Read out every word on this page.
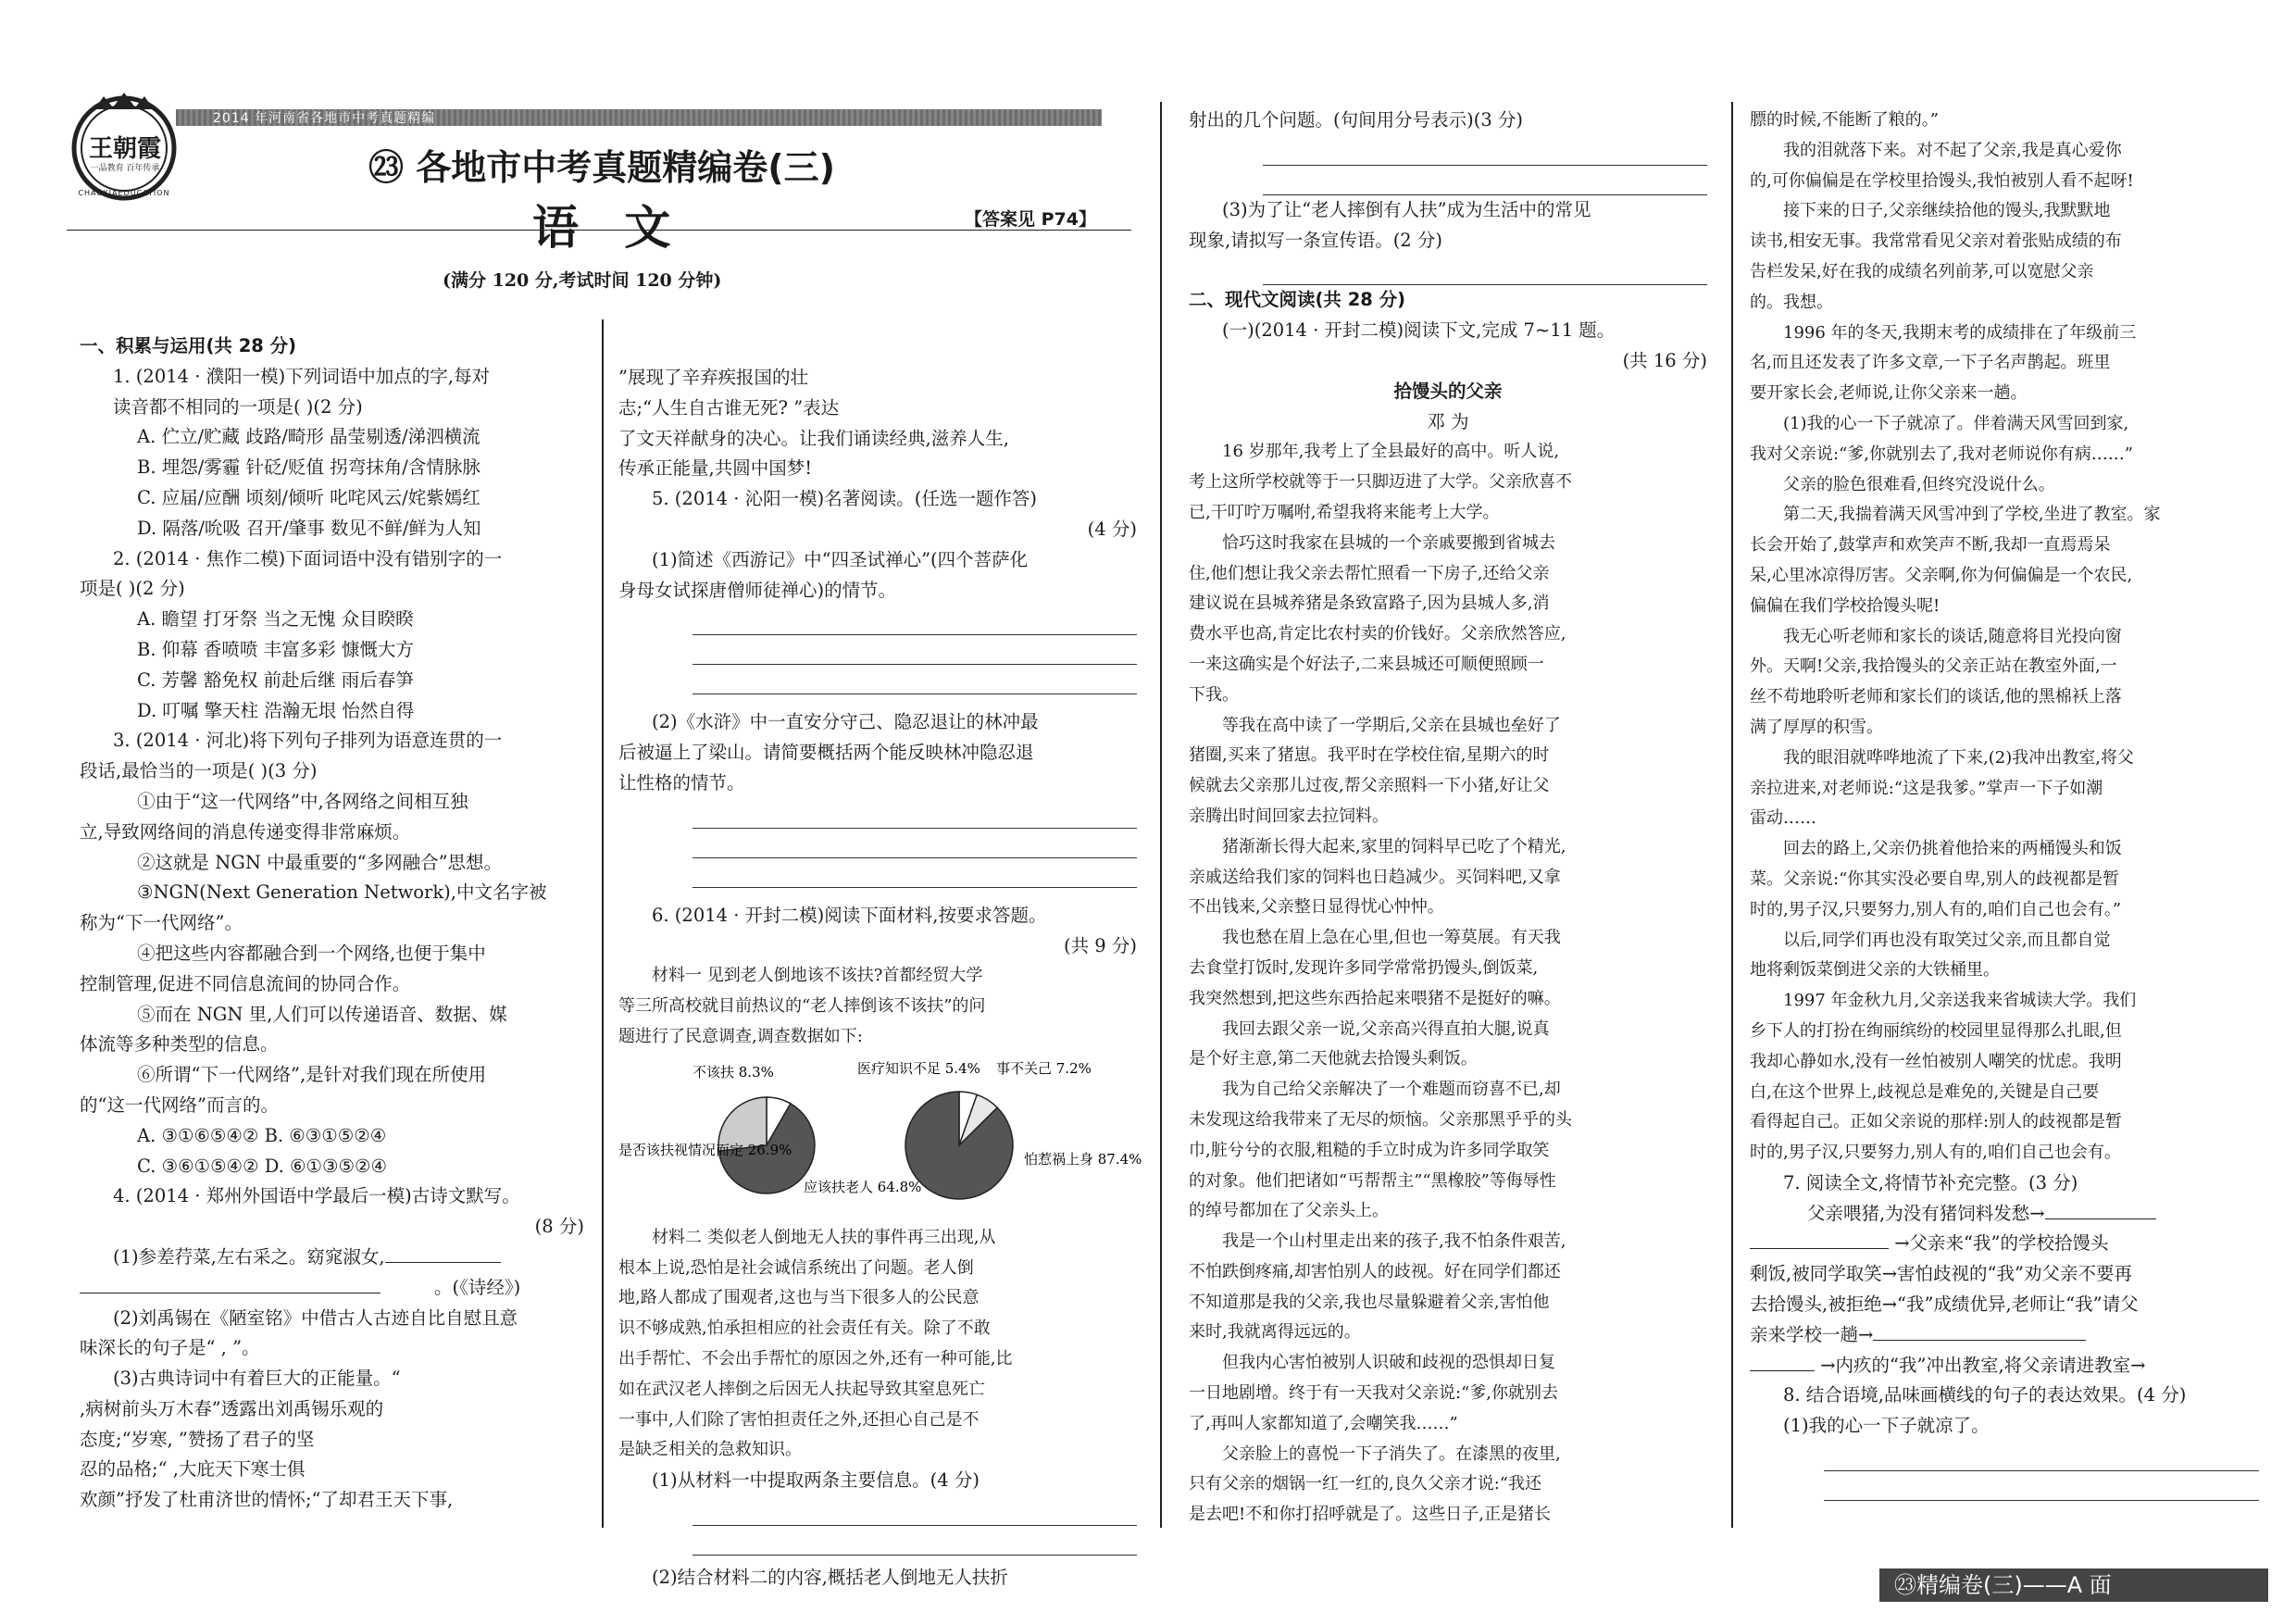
王朝霞
一品教育 百年传承
CHAOXIAEDUCATION
2014 年河南省各地市中考真题精编
㉓ 各地市中考真题精编卷(三)
语 文	【答案见 P74】
(满分 120 分,考试时间 120 分钟)

一、积累与运用(共 28 分)

1. (2014 · 濮阳一模)下列词语中加点的字,每对

读音都不相同的一项是( )(2 分)

A. 伫立/贮藏 歧路/畸形 晶莹剔透/涕泗横流

B. 埋怨/雾霾 针砭/贬值 拐弯抹角/含情脉脉

C. 应届/应酬 顷刻/倾听 叱咤风云/姹紫嫣红

D. 隔落/吮吸 召开/肇事 数见不鲜/鲜为人知

2. (2014 · 焦作二模)下面词语中没有错别字的一

项是( )(2 分)

A. 瞻望 打牙祭 当之无愧 众目睽睽

B. 仰幕 香喷喷 丰富多彩 慷慨大方

C. 芳馨 豁免权 前赴后继 雨后春笋

D. 叮嘱 擎天柱 浩瀚无垠 怡然自得

3. (2014 · 河北)将下列句子排列为语意连贯的一

段话,最恰当的一项是( )(3 分)

①由于“这一代网络”中,各网络之间相互独

立,导致网络间的消息传递变得非常麻烦。

②这就是 NGN 中最重要的“多网融合”思想。

③NGN(Next Generation Network),中文名字被

称为“下一代网络”。

④把这些内容都融合到一个网络,也便于集中

控制管理,促进不同信息流间的协同合作。

⑤而在 NGN 里,人们可以传递语音、数据、媒

体流等多种类型的信息。

⑥所谓“下一代网络”,是针对我们现在所使用

的“这一代网络”而言的。

A. ③①⑥⑤④② B. ⑥③①⑤②④

C. ③⑥①⑤④② D. ⑥①③⑤②④

4. (2014 · 郑州外国语中学最后一模)古诗文默写。

(8 分)

(1)参差荇菜,左右采之。窈窕淑女,

。(《诗经》)

(2)刘禹锡在《陋室铭》中借古人古迹自比自慰且意

味深长的句子是“ , ”。

(3)古典诗词中有着巨大的正能量。“

,病树前头万木春”透露出刘禹锡乐观的

态度;“岁寒, ”赞扬了君子的坚

忍的品格;“ ,大庇天下寒士俱

欢颜”抒发了杜甫济世的情怀;“了却君王天下事,

”展现了辛弃疾报国的壮

志;“人生自古谁无死? ”表达

了文天祥献身的决心。让我们诵读经典,滋养人生,

传承正能量,共圆中国梦!

5. (2014 · 沁阳一模)名著阅读。(任选一题作答)

(4 分)

(1)简述《西游记》中“四圣试禅心”(四个菩萨化

身母女试探唐僧师徒禅心)的情节。

(2)《水浒》中一直安分守己、隐忍退让的林冲最

后被逼上了梁山。请简要概括两个能反映林冲隐忍退

让性格的情节。

6. (2014 · 开封二模)阅读下面材料,按要求答题。

(共 9 分)

材料一 见到老人倒地该不该扶?首都经贸大学

等三所高校就目前热议的“老人摔倒该不该扶”的问

题进行了民意调查,调查数据如下:

不该扶 8.3%
应该扶老人 64.8%
是否该扶视情况而定 26.9%
医疗知识不足 5.4% 事不关己 7.2%
怕惹祸上身 87.4%

材料二 类似老人倒地无人扶的事件再三出现,从

根本上说,恐怕是社会诚信系统出了问题。老人倒

地,路人都成了围观者,这也与当下很多人的公民意

识不够成熟,怕承担相应的社会责任有关。除了不敢

出手帮忙、不会出手帮忙的原因之外,还有一种可能,比

如在武汉老人摔倒之后因无人扶起导致其窒息死亡

一事中,人们除了害怕担责任之外,还担心自己是不

是缺乏相关的急救知识。

(1)从材料一中提取两条主要信息。(4 分)

(2)结合材料二的内容,概括老人倒地无人扶折

射出的几个问题。(句间用分号表示)(3 分)

(3)为了让“老人摔倒有人扶”成为生活中的常见

现象,请拟写一条宣传语。(2 分)

二、现代文阅读(共 28 分)

(一)(2014 · 开封二模)阅读下文,完成 7~11 题。

(共 16 分)

拾馒头的父亲

邓 为

16 岁那年,我考上了全县最好的高中。听人说,

考上这所学校就等于一只脚迈进了大学。父亲欣喜不

已,干叮咛万嘱咐,希望我将来能考上大学。

恰巧这时我家在县城的一个亲戚要搬到省城去

住,他们想让我父亲去帮忙照看一下房子,还给父亲

建议说在县城养猪是条致富路子,因为县城人多,消

费水平也高,肯定比农村卖的价钱好。父亲欣然答应,

一来这确实是个好法子,二来县城还可顺便照顾一

下我。

等我在高中读了一学期后,父亲在县城也垒好了

猪圈,买来了猪崽。我平时在学校住宿,星期六的时

候就去父亲那儿过夜,帮父亲照料一下小猪,好让父

亲腾出时间回家去拉饲料。

猪渐渐长得大起来,家里的饲料早已吃了个精光,

亲戚送给我们家的饲料也日趋减少。买饲料吧,又拿

不出钱来,父亲整日显得忧心忡忡。

我也愁在眉上急在心里,但也一筹莫展。有天我

去食堂打饭时,发现许多同学常常扔馒头,倒饭菜,

我突然想到,把这些东西拾起来喂猪不是挺好的嘛。

我回去跟父亲一说,父亲高兴得直拍大腿,说真

是个好主意,第二天他就去拾馒头剩饭。

我为自己给父亲解决了一个难题而窃喜不已,却

未发现这给我带来了无尽的烦恼。父亲那黑乎乎的头

巾,脏兮兮的衣服,粗糙的手立时成为许多同学取笑

的对象。他们把诸如“丐帮帮主”“黑橡胶”等侮辱性

的绰号都加在了父亲头上。

我是一个山村里走出来的孩子,我不怕条件艰苦,

不怕跌倒疼痛,却害怕别人的歧视。好在同学们都还

不知道那是我的父亲,我也尽量躲避着父亲,害怕他

来时,我就离得远远的。

但我内心害怕被别人识破和歧视的恐惧却日复

一日地剧增。终于有一天我对父亲说:“爹,你就别去

了,再叫人家都知道了,会嘲笑我……”

父亲脸上的喜悦一下子消失了。在漆黑的夜里,

只有父亲的烟锅一红一红的,良久父亲才说:“我还

是去吧!不和你打招呼就是了。这些日子,正是猪长

膘的时候,不能断了粮的。”

我的泪就落下来。对不起了父亲,我是真心爱你

的,可你偏偏是在学校里拾馒头,我怕被别人看不起呀!

接下来的日子,父亲继续拾他的馒头,我默默地

读书,相安无事。我常常看见父亲对着张贴成绩的布

告栏发呆,好在我的成绩名列前茅,可以宽慰父亲

的。我想。

1996 年的冬天,我期末考的成绩排在了年级前三

名,而且还发表了许多文章,一下子名声鹊起。班里

要开家长会,老师说,让你父亲来一趟。

(1)我的心一下子就凉了。伴着满天风雪回到家,

我对父亲说:“爹,你就别去了,我对老师说你有病……”

父亲的脸色很难看,但终究没说什么。

第二天,我揣着满天风雪冲到了学校,坐进了教室。家

长会开始了,鼓掌声和欢笑声不断,我却一直焉焉呆

呆,心里冰凉得厉害。父亲啊,你为何偏偏是一个农民,

偏偏在我们学校拾馒头呢!

我无心听老师和家长的谈话,随意将目光投向窗

外。天啊!父亲,我拾馒头的父亲正站在教室外面,一

丝不苟地聆听老师和家长们的谈话,他的黑棉袄上落

满了厚厚的积雪。

我的眼泪就哗哗地流了下来,(2)我冲出教室,将父

亲拉进来,对老师说:“这是我爹。”掌声一下子如潮

雷动……

回去的路上,父亲仍挑着他拾来的两桶馒头和饭

菜。父亲说:“你其实没必要自卑,别人的歧视都是暂

时的,男子汉,只要努力,别人有的,咱们自己也会有。”

以后,同学们再也没有取笑过父亲,而且都自觉

地将剩饭菜倒进父亲的大铁桶里。

1997 年金秋九月,父亲送我来省城读大学。我们

乡下人的打扮在绚丽缤纷的校园里显得那么扎眼,但

我却心静如水,没有一丝怕被别人嘲笑的忧虑。我明

白,在这个世界上,歧视总是难免的,关键是自己要

看得起自己。正如父亲说的那样:别人的歧视都是暂

时的,男子汉,只要努力,别人有的,咱们自己也会有。

7. 阅读全文,将情节补充完整。(3 分)

父亲喂猪,为没有猪饲料发愁→

→父亲来“我”的学校拾馒头

剩饭,被同学取笑→害怕歧视的“我”劝父亲不要再

去拾馒头,被拒绝→“我”成绩优异,老师让“我”请父

亲来学校一趟→

→内疚的“我”冲出教室,将父亲请进教室→

8. 结合语境,品味画横线的句子的表达效果。(4 分)

(1)我的心一下子就凉了。

㉓精编卷(三)——A 面
